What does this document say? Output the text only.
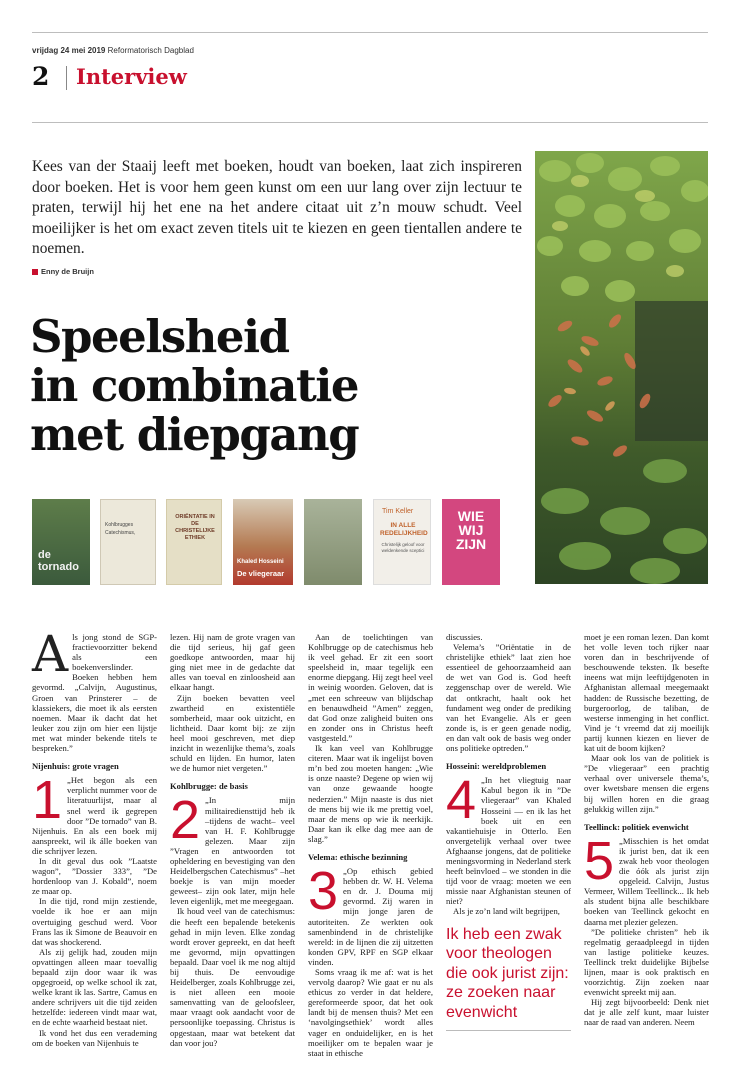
vrijdag 24 mei 2019 Reformatorisch Dagblad
2 Interview
Kees van der Staaij leeft met boeken, houdt van boeken, laat zich inspireren door boeken. Het is voor hem geen kunst om een uur lang over zijn lectuur te praten, terwijl hij het ene na het andere citaat uit z’n mouw schudt. Veel moeilijker is het om exact zeven titels uit te kiezen en geen tientallen andere te noemen.
Enny de Bruijn
Speelsheid
in combinatie
met diepgang
de tornado
Kohlbrugges
Catechismus,
ORIËNTATIE IN DE CHRISTELIJKE ETHIEK
Khaled Hosseini
De vliegeraar
Tim Keller
IN ALLE REDELIJKHEID
Christelijk geloof voor weldenkende sceptici
WIE WIJ ZIJN

Als jong stond de SGP-fractievoorzitter bekend als een boekenverslinder. Boeken hebben hem gevormd. „Calvijn, Augustinus, Groen van Prinsterer – de klassiekers, die moet ik als eersten noemen. Maar ik dacht dat het leuker zou zijn om hier een lijstje met wat minder bekende titels te bespreken.”

Nijenhuis: grote vragen

1 „Het begon als een verplicht nummer voor de literatuurlijst, maar al snel werd ik gegrepen door ”De tornado” van B. Nijenhuis. En als een boek mij aanspreekt, wil ik álle boeken van die schrijver lezen.

In dit geval dus ook ”Laatste wagon”, ”Dossier 333”, ”De hordenloop van J. Kobald”, noem ze maar op.

In die tijd, rond mijn zestiende, voelde ik hoe er aan mijn overtuiging geschud werd. Voor Frans las ik Simone de Beauvoir en dat was shockerend.

Als zij gelijk had, zouden mijn opvattingen alleen maar toevallig bepaald zijn door waar ik was opgegroeid, op welke school ik zat, welke krant ik las. Sartre, Camus en andere schrijvers uit die tijd zeiden hetzelfde: iedereen vindt maar wat, en de echte waarheid bestaat niet.

Ik vond het dus een verademing om de boeken van Nijenhuis te

lezen. Hij nam de grote vragen van die tijd serieus, hij gaf geen goedkope antwoorden, maar hij ging niet mee in de gedachte dat alles van toeval en zinloosheid aan elkaar hangt.

Zijn boeken bevatten veel zwartheid en existentiële somberheid, maar ook uitzicht, en lichtheid. Daar komt bij: ze zijn heel mooi geschreven, met diep inzicht in wezenlijke thema’s, zoals schuld en lijden. En humor, laten we de humor niet vergeten.”

Kohlbrugge: de basis

2 „In mijn militairediensttijd heb ik –tijdens de wacht– veel van H. F. Kohlbrugge gelezen. Maar zijn ”Vragen en antwoorden tot opheldering en bevestiging van den Heidelbergschen Catechismus” –het boekje is van mijn moeder geweest– zijn ook later, mijn hele leven eigenlijk, met me meegegaan.

Ik houd veel van de catechismus: die heeft een bepalende betekenis gehad in mijn leven. Elke zondag wordt erover gepreekt, en dat heeft me gevormd, mijn opvattingen bepaald. Daar voel ik me nog altijd bij thuis. De eenvoudige Heidelberger, zoals Kohlbrugge zei, is niet alleen een mooie samenvatting van de geloofsleer, maar vraagt ook aandacht voor de persoonlijke toepassing. Christus is opgestaan, maar wat betekent dat dan voor jou?

Aan de toelichtingen van Kohlbrugge op de catechismus heb ik veel gehad. Er zit een soort speelsheid in, maar tegelijk een enorme diepgang. Hij zegt heel veel in weinig woorden. Geloven, dat is „met een schreeuw van blijdschap en benauwdheid ”Amen” zeggen, dat God onze zaligheid buiten ons en zonder ons in Christus heeft vastgesteld.”

Ik kan veel van Kohlbrugge citeren. Maar wat ik ingelijst boven m’n bed zou moeten hangen: „Wie is onze naaste? Degene op wien wij van onze gewaande hoogte nederzien.” Mijn naaste is dus niet de mens bij wie ik me prettig voel, maar de mens op wie ik neerkijk. Daar kan ik elke dag mee aan de slag.”

Velema: ethische bezinning

3 „Op ethisch gebied hebben dr. W. H. Velema en dr. J. Douma mij gevormd. Zij waren in mijn jonge jaren de autoriteiten. Ze werkten ook samenbindend in de christelijke wereld: in de lijnen die zij uitzetten konden GPV, RPF en SGP elkaar vinden.

Soms vraag ik me af: wat is het vervolg daarop? Wie gaat er nu als ethicus zo verder in dat heldere, gereformeerde spoor, dat het ook landt bij de mensen thuis? Met een ‘navolgingsethiek’ wordt alles vager en onduidelijker, en is het moeilijker om te bepalen waar je staat in ethische

discussies.

Velema’s ”Oriëntatie in de christelijke ethiek” laat zien hoe essentieel de gehoorzaamheid aan de wet van God is. God heeft zeggenschap over de wereld. Wie dat ontkracht, haalt ook het fundament weg onder de prediking van het Evangelie. Als er geen zonde is, is er geen genade nodig, en dan valt ook de basis weg onder ons politieke optreden.”

Hosseini: wereldproblemen

4 „In het vliegtuig naar Kabul begon ik in ”De vliegeraar” van Khaled Hosseini — en ik las het boek uit en een vakantiehuisje in Otterlo. Een onvergetelijk verhaal over twee Afghaanse jongens, dat de politieke meningsvorming in Nederland sterk heeft beïnvloed – we stonden in die tijd voor de vraag: moeten we een missie naar Afghanistan steunen of niet?

Als je zo’n land wilt begrijpen,

Ik heb een zwak voor theologen die ook jurist zijn: ze zoeken naar evenwicht

moet je een roman lezen. Dan komt het volle leven toch rijker naar voren dan in beschrijvende of beschouwende teksten. Ik besefte ineens wat mijn leeftijdgenoten in Afghanistan allemaal meegemaakt hadden: de Russische bezetting, de burgeroorlog, de taliban, de westerse inmenging in het conflict. Vind je ‘t vreemd dat zij moeilijk partij kunnen kiezen en liever de kat uit de boom kijken?

Maar ook los van de politiek is ”De vliegeraar” een prachtig verhaal over universele thema’s, over kwetsbare mensen die ergens bij willen horen en die graag gelukkig willen zijn.”

Teellinck: politiek evenwicht

5 „Misschien is het omdat ik jurist ben, dat ik een zwak heb voor theologen die óók als jurist zijn opgeleid. Calvijn, Justus Vermeer, Willem Teellinck... Ik heb als student bijna alle beschikbare boeken van Teellinck gekocht en daarna met plezier gelezen.

”De politieke christen” heb ik regelmatig geraadpleegd in tijden van lastige politieke keuzes. Teellinck trekt duidelijke Bijbelse lijnen, maar is ook praktisch en voorzichtig. Zijn zoeken naar evenwicht spreekt mij aan.

Hij zegt bijvoorbeeld: Denk niet dat je alle zelf kunt, maar luister naar de raad van anderen. Neem
